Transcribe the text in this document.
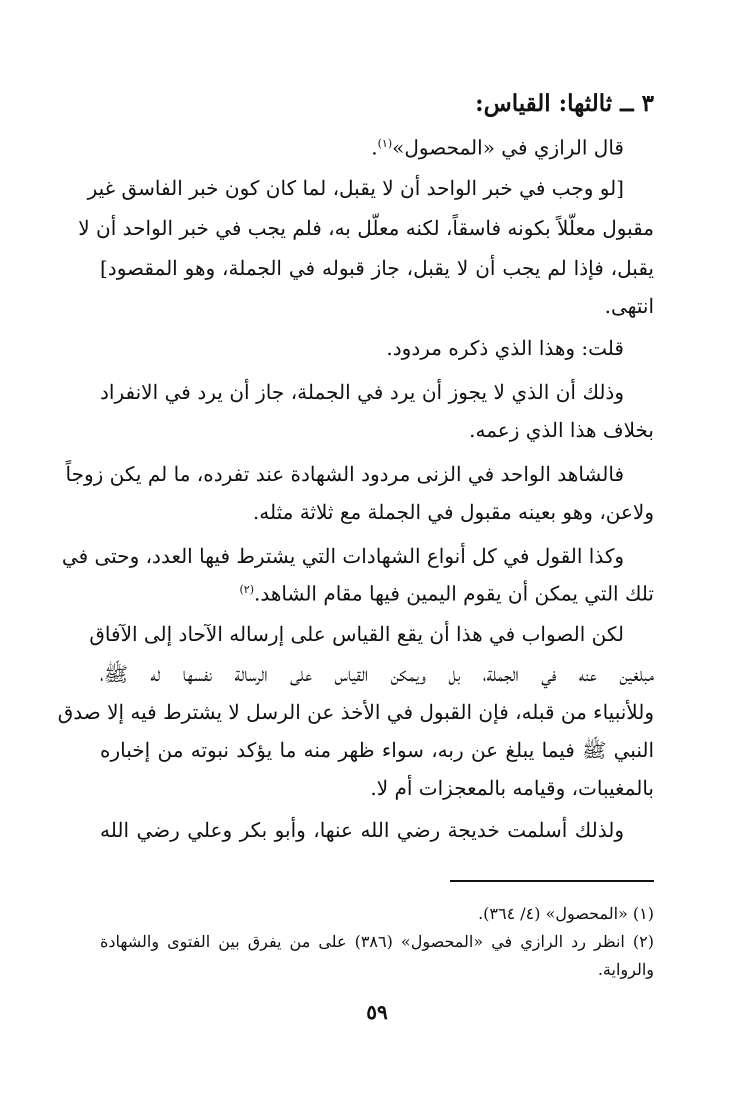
٣ ــ ثالثها: القياس:
قال الرازي في «المحصول»$^{(١)}$.
[لو وجب في خبر الواحد أن لا يقبل، لما كان كون خبر الفاسق غير
مقبول معلّلاً بكونه فاسقاً، لكنه معلّل به، فلم يجب في خبر الواحد أن لا
يقبل، فإذا لم يجب أن لا يقبل، جاز قبوله في الجملة، وهو المقصود]
انتهى.
قلت: وهذا الذي ذكره مردود.
وذلك أن الذي لا يجوز أن يرد في الجملة، جاز أن يرد في الانفراد
بخلاف هذا الذي زعمه.
فالشاهد الواحد في الزنى مردود الشهادة عند تفرده، ما لم يكن زوجاً
ولاعن، وهو بعينه مقبول في الجملة مع ثلاثة مثله.
وكذا القول في كل أنواع الشهادات التي يشترط فيها العدد، وحتى في
تلك التي يمكن أن يقوم اليمين فيها مقام الشاهد.$^{(٢)}$
لكن الصواب في هذا أن يقع القياس على إرساله الآحاد إلى الآفاق
مبلغين عنه في الجملة، بل ويمكن القياس على الرسالة نفسها له ﷺ،
وللأنبياء من قبله، فإن القبول في الأخذ عن الرسل لا يشترط فيه إلا صدق
النبي ﷺ فيما يبلغ عن ربه، سواء ظهر منه ما يؤكد نبوته من إخباره
بالمغيبات، وقيامه بالمعجزات أم لا.
ولذلك أسلمت خديجة رضي الله عنها، وأبو بكر وعلي رضي الله
(١) «المحصول» (٤/ ٣٦٤).
(٢) انظر رد الرازي في «المحصول» (٣٨٦) على من يفرق بين الفتوى والشهادة
والرواية.
٥٩
